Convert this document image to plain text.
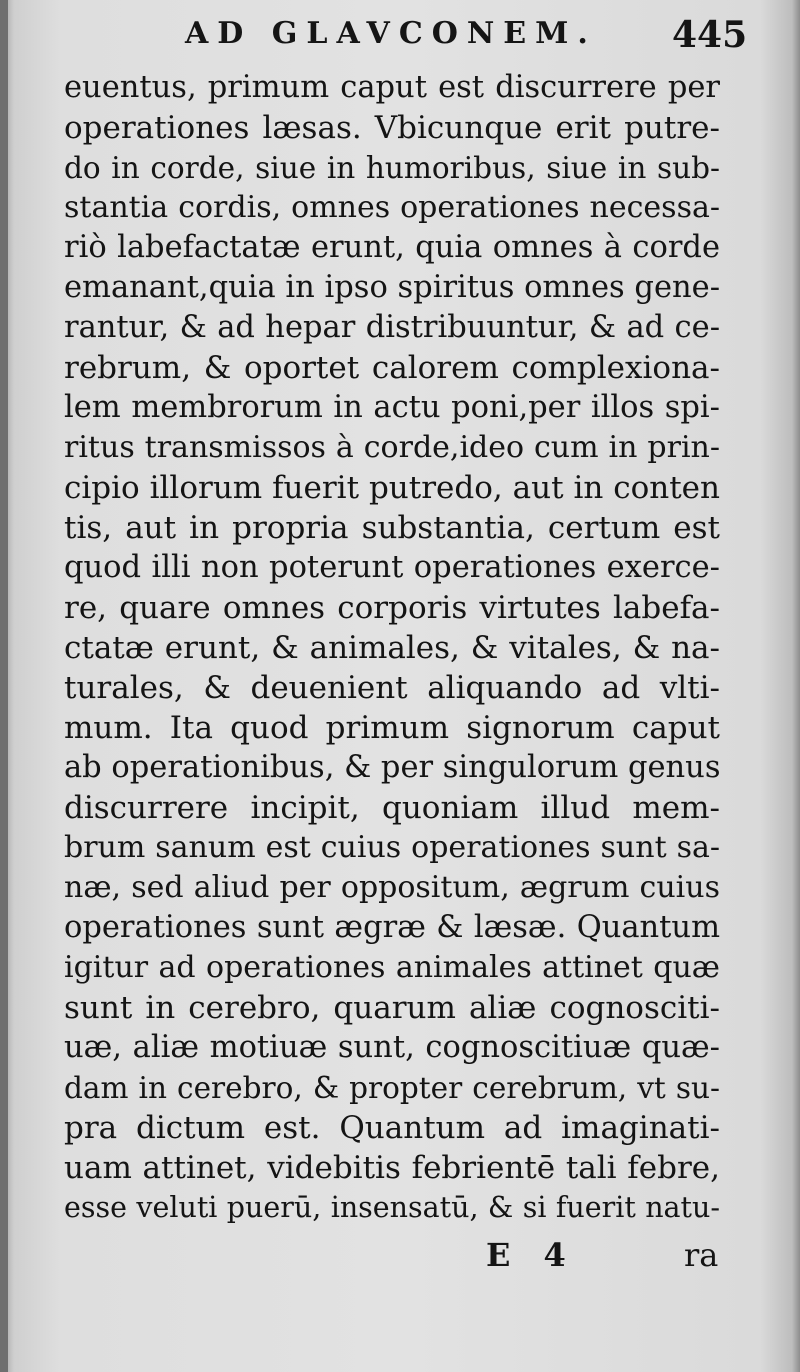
AD GLAVCONEM. 445
euentus, primum caput est discurrere per
operationes læsas. Vbicunque erit putre-
do in corde, siue in humoribus, siue in sub-
stantia cordis, omnes operationes necessa-
riò labefactatæ erunt, quia omnes à corde
emanant,quia in ipso spiritus omnes gene-
rantur, & ad hepar distribuuntur, & ad ce-
rebrum, & oportet calorem complexiona-
lem membrorum in actu poni,per illos spi-
ritus transmissos à corde,ideo cum in prin-
cipio illorum fuerit putredo, aut in conten
tis, aut in propria substantia, certum est
quod illi non poterunt operationes exerce-
re, quare omnes corporis virtutes labefa-
ctatæ erunt, & animales, & vitales, & na-
turales, & deuenient aliquando ad vlti-
mum. Ita quod primum signorum caput
ab operationibus, & per singulorum genus
discurrere incipit, quoniam illud mem-
brum sanum est cuius operationes sunt sa-
næ, sed aliud per oppositum, ægrum cuius
operationes sunt ægræ & læsæ. Quantum
igitur ad operationes animales attinet quæ
sunt in cerebro, quarum aliæ cognosciti-
uæ, aliæ motiuæ sunt, cognoscitiuæ quæ-
dam in cerebro, & propter cerebrum, vt su-
pra dictum est. Quantum ad imaginati-
uam attinet, videbitis febrientē tali febre,
esse veluti puerū, insensatū, & si fuerit natu-
E 4	ra
